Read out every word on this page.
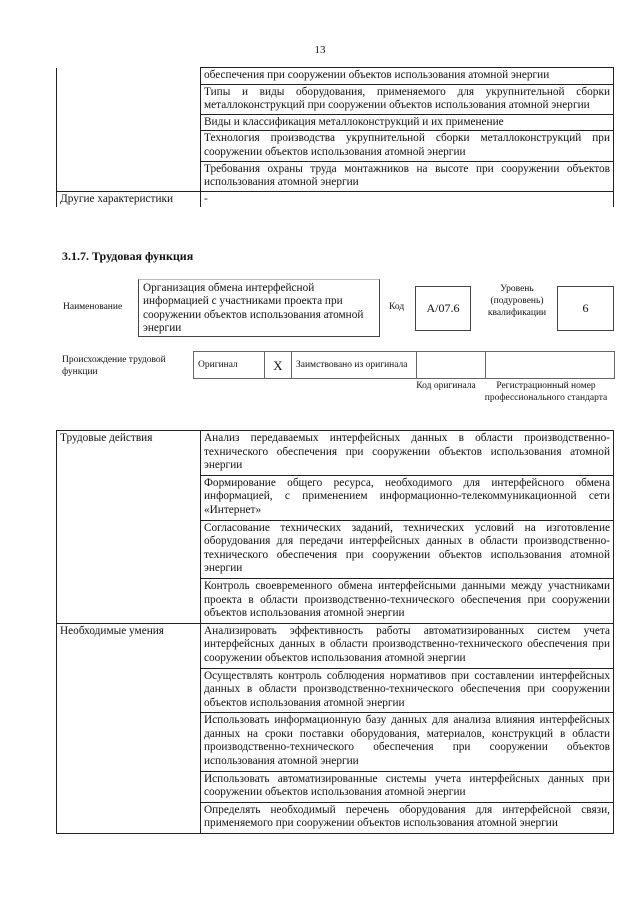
13
	обеспечения при сооружении объектов использования атомной энергии
	Типы и виды оборудования, применяемого для укрупнительной сборки металлоконструкций при сооружении объектов использования атомной энергии
	Виды и классификация металлоконструкций и их применение
	Технология производства укрупнительной сборки металлоконструкций при сооружении объектов использования атомной энергии
	Требования охраны труда монтажников на высоте при сооружении объектов использования атомной энергии
Другие характеристики	-
3.1.7. Трудовая функция
Наименование
Организация обмена интерфейсной информацией с участниками проекта при сооружении объектов использования атомной энергии
Код	А/07.6
Уровень (подуровень) квалификации	6
Происхождение трудовой функции
Оригинал	X	Заимствовано из оригинала		
Код оригинала	Регистрационный номер профессионального стандарта
Трудовые действия	Анализ передаваемых интерфейсных данных в области производственно-технического обеспечения при сооружении объектов использования атомной энергии
	Формирование общего ресурса, необходимого для интерфейсного обмена информацией, с применением информационно-телекоммуникационной сети «Интернет»
	Согласование технических заданий, технических условий на изготовление оборудования для передачи интерфейсных данных в области производственно-технического обеспечения при сооружении объектов использования атомной энергии
	Контроль своевременного обмена интерфейсными данными между участниками проекта в области производственно-технического обеспечения при сооружении объектов использования атомной энергии
Необходимые умения	Анализировать эффективность работы автоматизированных систем учета интерфейсных данных в области производственно-технического обеспечения при сооружении объектов использования атомной энергии
	Осуществлять контроль соблюдения нормативов при составлении интерфейсных данных в области производственно-технического обеспечения при сооружении объектов использования атомной энергии
	Использовать информационную базу данных для анализа влияния интерфейсных данных на сроки поставки оборудования, материалов, конструкций в области производственно-технического обеспечения при сооружении объектов использования атомной энергии
	Использовать автоматизированные системы учета интерфейсных данных при сооружении объектов использования атомной энергии
	Определять необходимый перечень оборудования для интерфейсной связи, применяемого при сооружении объектов использования атомной энергии
